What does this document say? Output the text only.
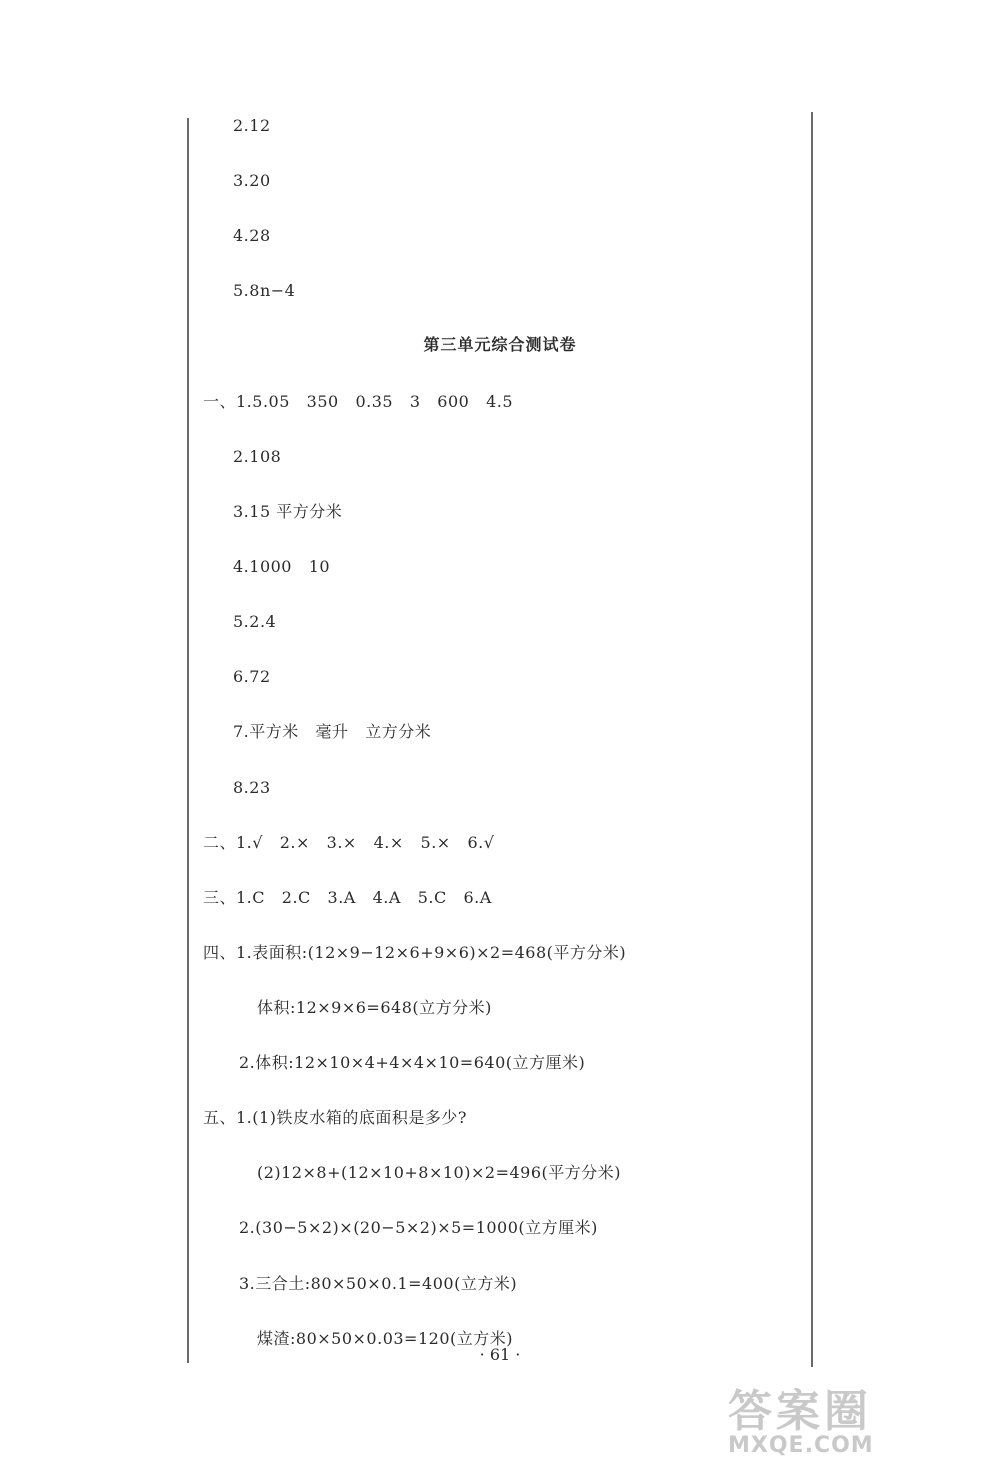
2.12
3.20
4.28
5.8n−4
第三单元综合测试卷
一、1.5.05   350   0.35   3   600   4.5
2.108
3.15 平方分米
4.1000   10
5.2.4
6.72
7.平方米   毫升   立方分米
8.23
二、1.√   2.×   3.×   4.×   5.×   6.√
三、1.C   2.C   3.A   4.A   5.C   6.A
四、1.表面积:(12×9−12×6+9×6)×2=468(平方分米)
体积:12×9×6=648(立方分米)
2.体积:12×10×4+4×4×10=640(立方厘米)
五、1.(1)铁皮水箱的底面积是多少?
(2)12×8+(12×10+8×10)×2=496(平方分米)
2.(30−5×2)×(20−5×2)×5=1000(立方厘米)
3.三合土:80×50×0.1=400(立方米)
煤渣:80×50×0.03=120(立方米)
· 61 ·
答案圈
MXQE.COM
